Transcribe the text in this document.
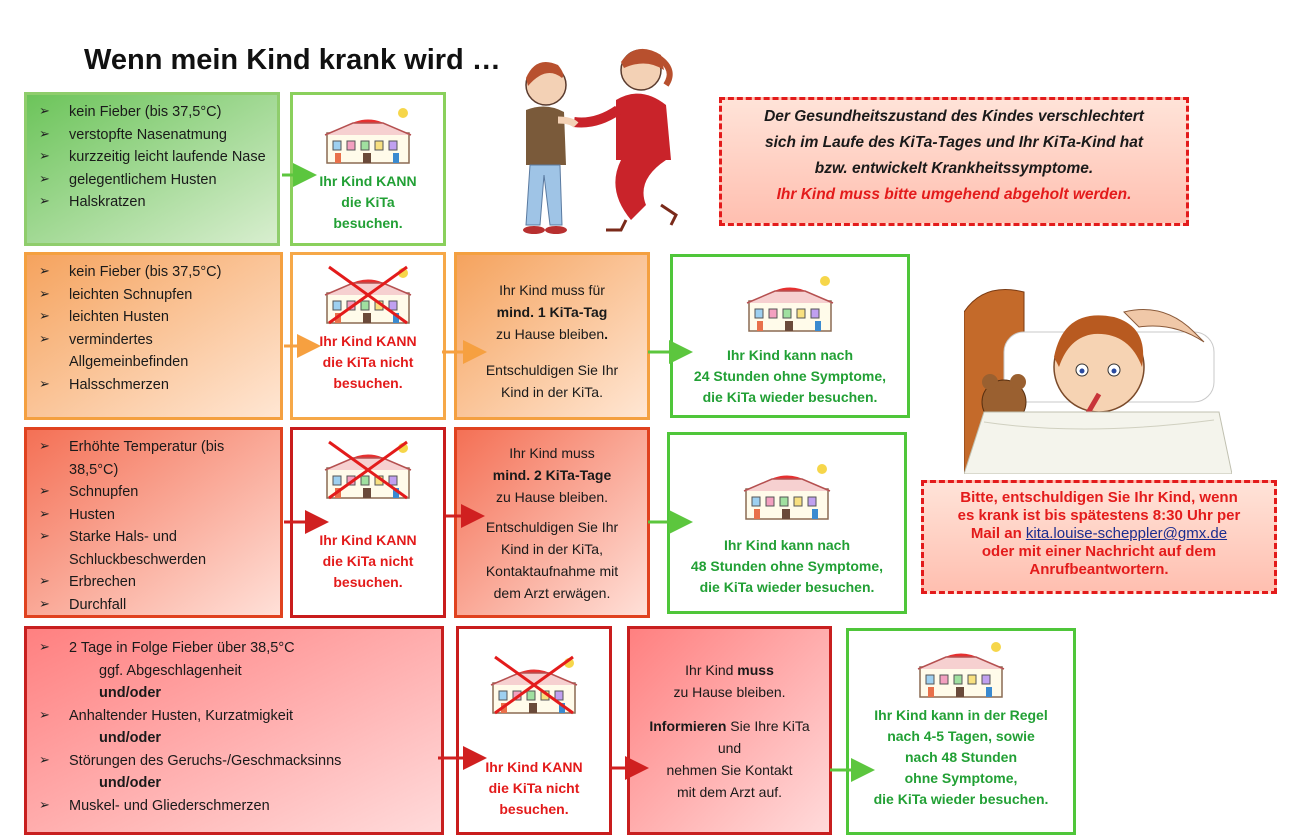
Wenn mein Kind krank wird …
Der Gesundheitszustand des Kindes verschlechtert
sich im Laufe des KiTa-Tages und Ihr KiTa-Kind hat
bzw. entwickelt Krankheitssymptome.
Ihr Kind muss bitte umgehend abgeholt werden.
Bitte, entschuldigen Sie Ihr Kind, wenn
es krank ist bis spätestens 8:30 Uhr per
Mail an kita.louise-scheppler@gmx.de
oder mit einer Nachricht auf dem
Anrufbeantwortern.
➢ kein Fieber (bis 37,5°C)
➢ verstopfte Nasenatmung
➢ kurzzeitig leicht laufende Nase
➢ gelegentlichem Husten
➢ Halskratzen
Ihr Kind KANN
die KiTa
besuchen.
➢ kein Fieber (bis 37,5°C)
➢ leichten Schnupfen
➢ leichten Husten
➢ vermindertes Allgemeinbefinden
➢ Halsschmerzen
Ihr Kind KANN
die KiTa nicht
besuchen.
Ihr Kind muss für
mind. 1 KiTa-Tag
zu Hause bleiben.
Entschuldigen Sie Ihr
Kind in der KiTa.
Ihr Kind kann nach
24 Stunden ohne Symptome,
die KiTa wieder besuchen.
➢ Erhöhte Temperatur (bis 38,5°C)
➢ Schnupfen
➢ Husten
➢ Starke Hals- und Schluckbeschwerden
➢ Erbrechen
➢ Durchfall
Ihr Kind KANN
die KiTa nicht
besuchen.
Ihr Kind muss
mind. 2 KiTa-Tage
zu Hause bleiben.
Entschuldigen Sie Ihr
Kind in der KiTa,
Kontaktaufnahme mit
dem Arzt erwägen.
Ihr Kind kann nach
48 Stunden ohne Symptome,
die KiTa wieder besuchen.
➢ 2 Tage in Folge Fieber über 38,5°C
ggf. Abgeschlagenheit
und/oder
➢ Anhaltender Husten, Kurzatmigkeit
und/oder
➢ Störungen des Geruchs-/Geschmacksinns
und/oder
➢ Muskel- und Gliederschmerzen
Ihr Kind KANN
die KiTa nicht
besuchen.
Ihr Kind muss
zu Hause bleiben.
Informieren Sie Ihre KiTa
und
nehmen Sie Kontakt
mit dem Arzt auf.
Ihr Kind kann in der Regel
nach 4-5 Tagen, sowie
nach 48 Stunden
ohne Symptome,
die KiTa wieder besuchen.
